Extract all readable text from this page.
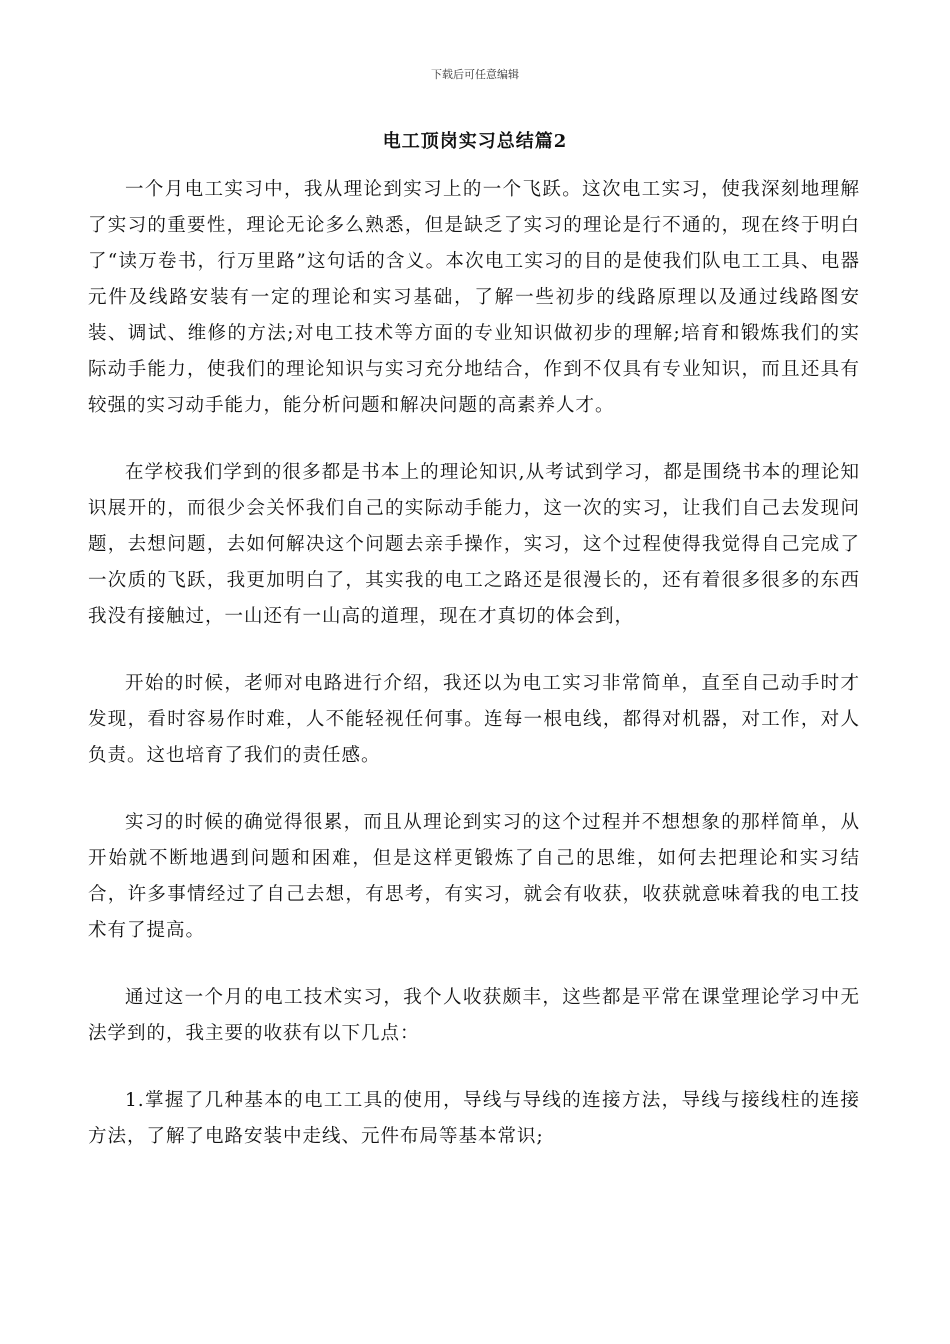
下载后可任意编辑
电工顶岗实习总结篇2

一个月电工实习中，我从理论到实习上的一个飞跃。这次电工实习，使我深刻地理解了实习的重要性，理论无论多么熟悉，但是缺乏了实习的理论是行不通的，现在终于明白了“读万卷书，行万里路”这句话的含义。本次电工实习的目的是使我们队电工工具、电器元件及线路安装有一定的理论和实习基础，了解一些初步的线路原理以及通过线路图安装、调试、维修的方法;对电工技术等方面的专业知识做初步的理解;培育和锻炼我们的实际动手能力，使我们的理论知识与实习充分地结合，作到不仅具有专业知识，而且还具有较强的实习动手能力，能分析问题和解决问题的高素养人才。

在学校我们学到的很多都是书本上的理论知识,从考试到学习，都是围绕书本的理论知识展开的，而很少会关怀我们自己的实际动手能力，这一次的实习，让我们自己去发现问题，去想问题，去如何解决这个问题去亲手操作，实习，这个过程使得我觉得自己完成了一次质的飞跃，我更加明白了，其实我的电工之路还是很漫长的，还有着很多很多的东西我没有接触过，一山还有一山高的道理，现在才真切的体会到，

开始的时候，老师对电路进行介绍，我还以为电工实习非常简单，直至自己动手时才发现，看时容易作时难，人不能轻视任何事。连每一根电线，都得对机器，对工作，对人负责。这也培育了我们的责任感。

实习的时候的确觉得很累，而且从理论到实习的这个过程并不想想象的那样简单，从开始就不断地遇到问题和困难，但是这样更锻炼了自己的思维，如何去把理论和实习结合，许多事情经过了自己去想，有思考，有实习，就会有收获，收获就意味着我的电工技术有了提高。

通过这一个月的电工技术实习，我个人收获颇丰，这些都是平常在课堂理论学习中无法学到的，我主要的收获有以下几点：

1.掌握了几种基本的电工工具的使用，导线与导线的连接方法，导线与接线柱的连接方法，了解了电路安装中走线、元件布局等基本常识;
